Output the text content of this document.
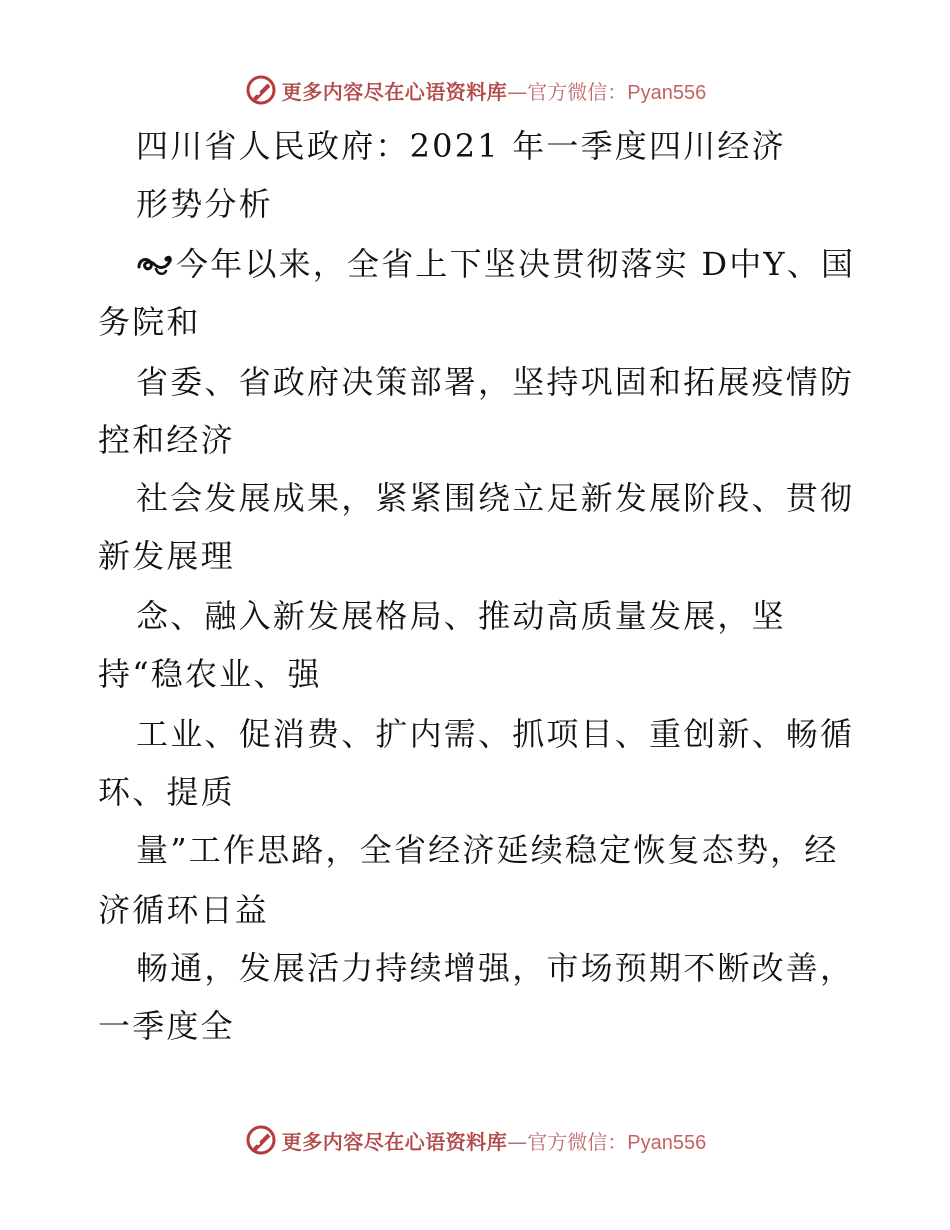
更多内容尽在心语资料库—官方微信：Pyan556
四川省人民政府：2021 年一季度四川经济
形势分析
今年以来，全省上下坚决贯彻落实 D中Y、国
务院和
省委、省政府决策部署，坚持巩固和拓展疫情防
控和经济
社会发展成果，紧紧围绕立足新发展阶段、贯彻
新发展理
念、融入新发展格局、推动高质量发展，坚
持“稳农业、强
工业、促消费、扩内需、抓项目、重创新、畅循
环、提质
量”工作思路，全省经济延续稳定恢复态势，经
济循环日益
畅通，发展活力持续增强，市场预期不断改善，
一季度全
更多内容尽在心语资料库—官方微信：Pyan556
